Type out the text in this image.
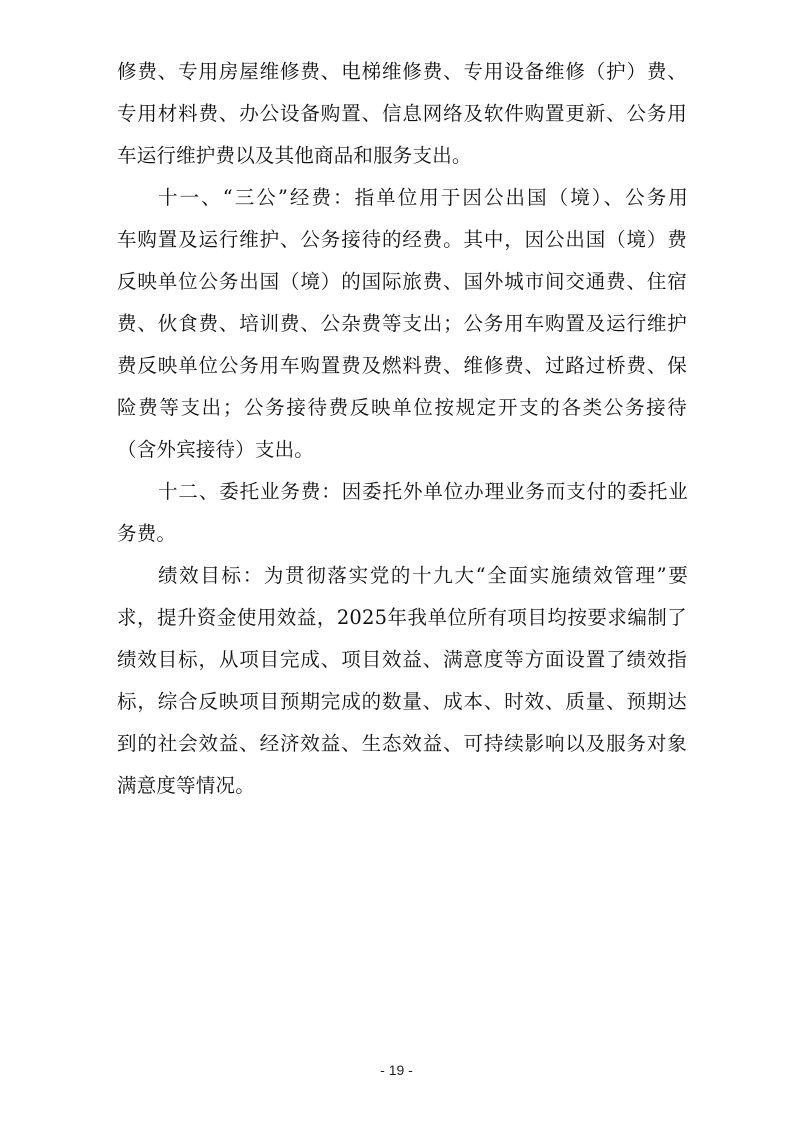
修费、专用房屋维修费、电梯维修费、专用设备维修（护）费、
专用材料费、办公设备购置、信息网络及软件购置更新、公务用
车运行维护费以及其他商品和服务支出。
十一、“三公”经费：指单位用于因公出国（境）、公务用
车购置及运行维护、公务接待的经费。其中，因公出国（境）费
反映单位公务出国（境）的国际旅费、国外城市间交通费、住宿
费、伙食费、培训费、公杂费等支出；公务用车购置及运行维护
费反映单位公务用车购置费及燃料费、维修费、过路过桥费、保
险费等支出；公务接待费反映单位按规定开支的各类公务接待
（含外宾接待）支出。
十二、委托业务费：因委托外单位办理业务而支付的委托业
务费。
绩效目标：为贯彻落实党的十九大“全面实施绩效管理”要
求，提升资金使用效益，2025年我单位所有项目均按要求编制了
绩效目标，从项目完成、项目效益、满意度等方面设置了绩效指
标，综合反映项目预期完成的数量、成本、时效、质量、预期达
到的社会效益、经济效益、生态效益、可持续影响以及服务对象
满意度等情况。
- 19 -
